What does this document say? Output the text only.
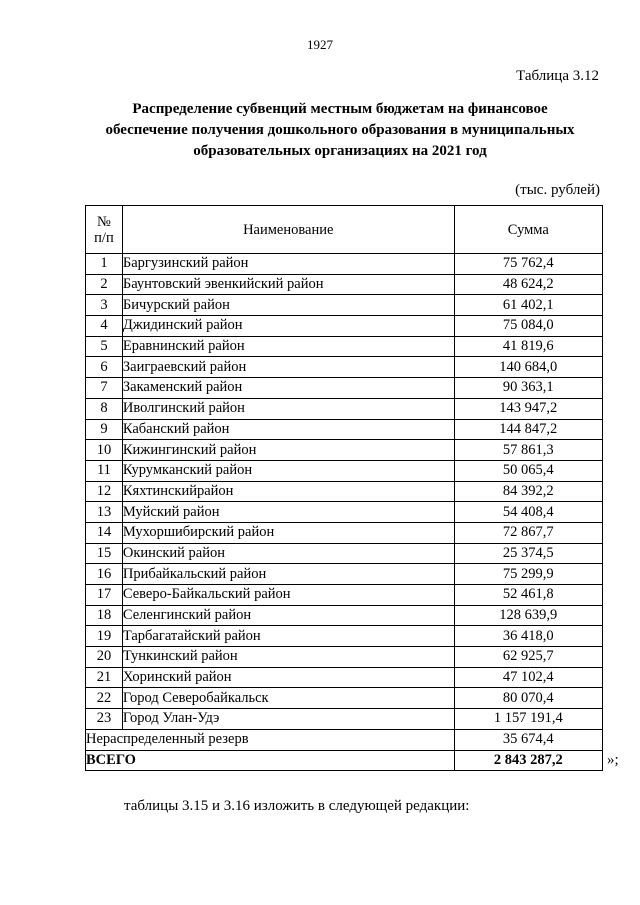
1927
Таблица 3.12
Распределение субвенций местным бюджетам на финансовое
обеспечение получения дошкольного образования в муниципальных
образовательных организациях на 2021 год
(тыс. рублей)
№
п/п	Наименование	Сумма
1	Баргузинский район	75 762,4
2	Баунтовский эвенкийский район	48 624,2
3	Бичурский район	61 402,1
4	Джидинский район	75 084,0
5	Еравнинский район	41 819,6
6	Заиграевский район	140 684,0
7	Закаменский район	90 363,1
8	Иволгинский район	143 947,2
9	Кабанский район	144 847,2
10	Кижингинский район	57 861,3
11	Курумканский район	50 065,4
12	Кяхтинскийрайон	84 392,2
13	Муйский район	54 408,4
14	Мухоршибирский район	72 867,7
15	Окинский район	25 374,5
16	Прибайкальский район	75 299,9
17	Северо-Байкальский район	52 461,8
18	Селенгинский район	128 639,9
19	Тарбагатайский район	36 418,0
20	Тункинский район	62 925,7
21	Хоринский район	47 102,4
22	Город Северобайкальск	80 070,4
23	Город Улан-Удэ	1 157 191,4
Нераспределенный резерв		35 674,4
ВСЕГО		2 843 287,2	»;
таблицы 3.15 и 3.16 изложить в следующей редакции:
